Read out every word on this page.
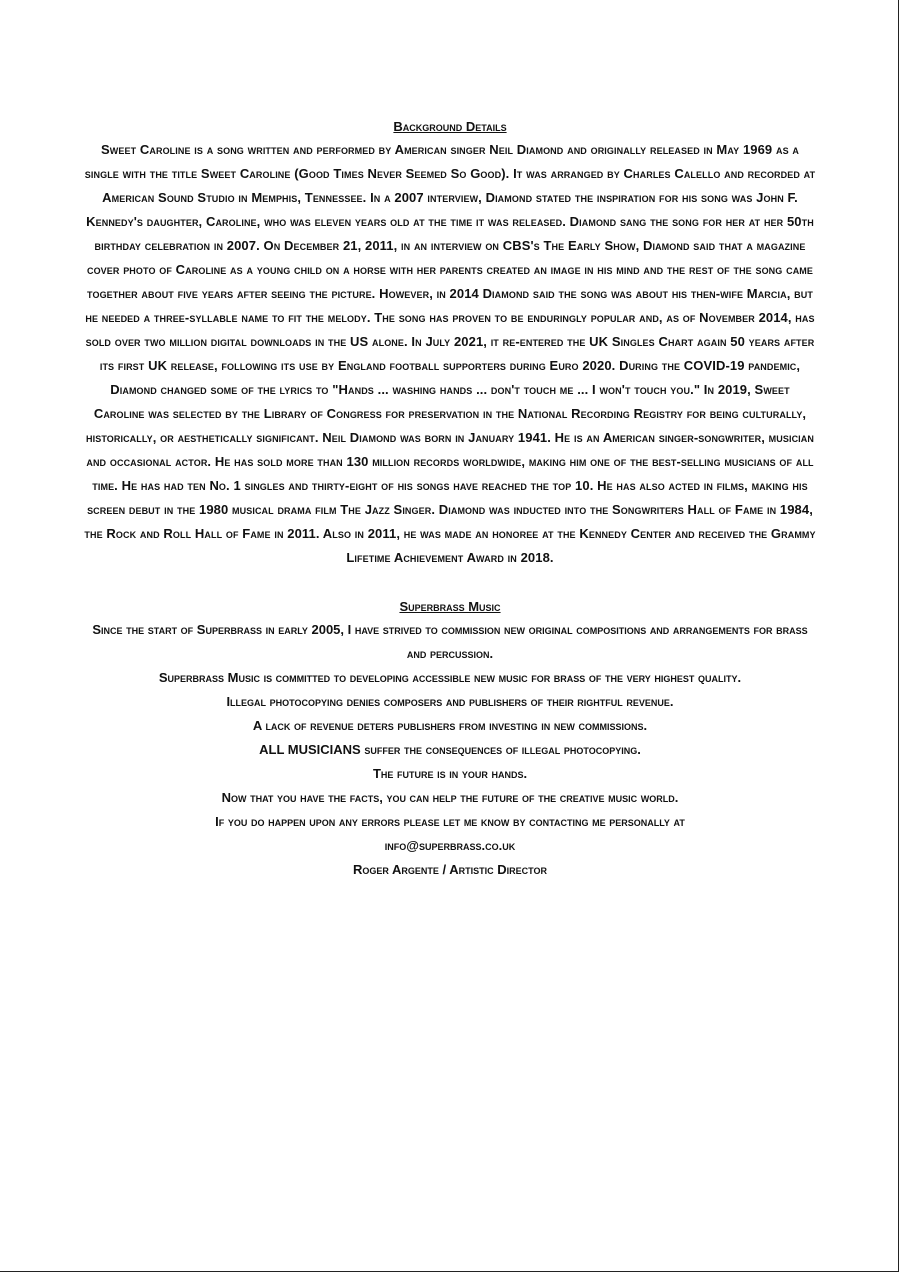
Background Details

Sweet Caroline is a song written and performed by American singer Neil Diamond and originally released in May 1969 as a single with the title Sweet Caroline (Good Times Never Seemed So Good). It was arranged by Charles Calello and recorded at American Sound Studio in Memphis, Tennessee. In a 2007 interview, Diamond stated the inspiration for his song was John F. Kennedy's daughter, Caroline, who was eleven years old at the time it was released. Diamond sang the song for her at her 50th birthday celebration in 2007. On December 21, 2011, in an interview on CBS's The Early Show, Diamond said that a magazine cover photo of Caroline as a young child on a horse with her parents created an image in his mind and the rest of the song came together about five years after seeing the picture. However, in 2014 Diamond said the song was about his then-wife Marcia, but he needed a three-syllable name to fit the melody. The song has proven to be enduringly popular and, as of November 2014, has sold over two million digital downloads in the US alone. In July 2021, it re-entered the UK Singles Chart again 50 years after its first UK release, following its use by England football supporters during Euro 2020. During the COVID-19 pandemic, Diamond changed some of the lyrics to "Hands ... washing hands ... don't touch me ... I won't touch you." In 2019, Sweet Caroline was selected by the Library of Congress for preservation in the National Recording Registry for being culturally, historically, or aesthetically significant. Neil Diamond was born in January 1941. He is an American singer-songwriter, musician and occasional actor. He has sold more than 130 million records worldwide, making him one of the best-selling musicians of all time. He has had ten No. 1 singles and thirty-eight of his songs have reached the top 10. He has also acted in films, making his screen debut in the 1980 musical drama film The Jazz Singer. Diamond was inducted into the Songwriters Hall of Fame in 1984, the Rock and Roll Hall of Fame in 2011. Also in 2011, he was made an honoree at the Kennedy Center and received the Grammy Lifetime Achievement Award in 2018.

Superbrass Music

Since the start of Superbrass in early 2005, I have strived to commission new original compositions and arrangements for brass and percussion.

Superbrass Music is committed to developing accessible new music for brass of the very highest quality.

Illegal photocopying denies composers and publishers of their rightful revenue.

A lack of revenue deters publishers from investing in new commissions.

ALL MUSICIANS suffer the consequences of illegal photocopying.

The future is in your hands.

Now that you have the facts, you can help the future of the creative music world.

If you do happen upon any errors please let me know by contacting me personally at

info@superbrass.co.uk

Roger Argente / Artistic Director
